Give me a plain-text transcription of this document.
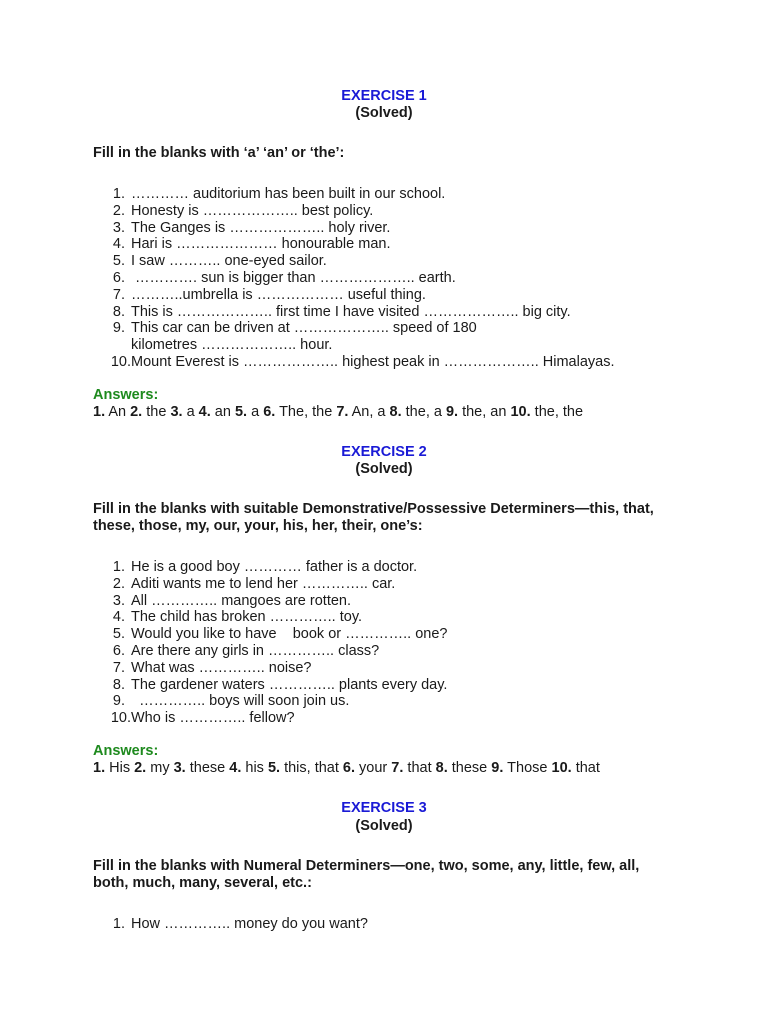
EXERCISE 1
(Solved)
Fill in the blanks with ‘a’ ‘an’ or ‘the’:
1. ………… auditorium has been built in our school.
2. Honesty is ……………….. best policy.
3. The Ganges is ……………….. holy river.
4. Hari is ………………… honourable man.
5. I saw ……….. one-eyed sailor.
6. …………. sun is bigger than ……………….. earth.
7. ………..umbrella is ……………… useful thing.
8. This is ……………….. first time I have visited ……………….. big city.
9. This car can be driven at ……………….. speed of 180
kilometres ……………….. hour.
10. Mount Everest is ……………….. highest peak in ……………….. Himalayas.
Answers:
1. An 2. the 3. a 4. an 5. a 6. The, the 7. An, a 8. the, a 9. the, an 10. the, the
EXERCISE 2
(Solved)
Fill in the blanks with suitable Demonstrative/Possessive Determiners—this, that, these, those, my, our, your, his, her, their, one’s:
1. He is a good boy ………… father is a doctor.
2. Aditi wants me to lend her ………….. car.
3. All ………….. mangoes are rotten.
4. The child has broken ………….. toy.
5. Would you like to have    book or ………….. one?
6. Are there any girls in ………….. class?
7. What was ………….. noise?
8. The gardener waters ………….. plants every day.
9. ………….. boys will soon join us.
10. Who is ………….. fellow?
Answers:
1. His 2. my 3. these 4. his 5. this, that 6. your 7. that 8. these 9. Those 10. that
EXERCISE 3
(Solved)
Fill in the blanks with Numeral Determiners—one, two, some, any, little, few, all, both, much, many, several, etc.:
1. How ………….. money do you want?
